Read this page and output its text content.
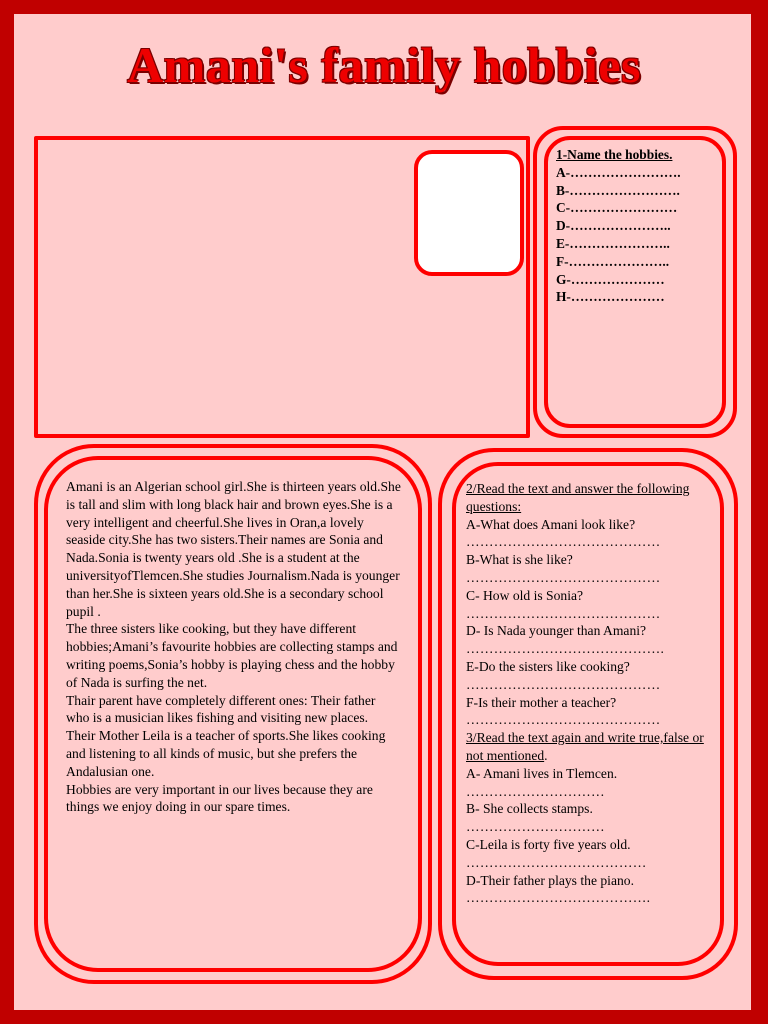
Amani's family hobbies
1-Name the hobbies.
A-…………………….
B-…………………….
C-……………………
D-…………………..
E-…………………..
F-…………………..
G-…………………
H-…………………

Amani is an Algerian school girl.She is thirteen years old.She is tall and slim with long black hair and brown eyes.She is a very intelligent and cheerful.She lives in Oran,a lovely seaside city.She has two sisters.Their names are Sonia and Nada.Sonia is twenty years old .She is a student at the universityofTlemcen.She studies Journalism.Nada is younger than her.She is sixteen years old.She is a secondary school pupil .

The three sisters like cooking, but they have different hobbies;Amani’s favourite hobbies are collecting stamps and writing poems,Sonia’s hobby is playing chess and the hobby of Nada is surfing the net.

Thair parent have completely different ones: Their father who is a musician likes fishing and visiting new places.

Their Mother Leila is a teacher of sports.She likes cooking and listening to all kinds of music, but she prefers the Andalusian one.

Hobbies are very important in our lives because they are things we enjoy doing in our spare times.

2/Read the text and answer the following questions:
A-What does Amani look like?
……………………………………
B-What is she like?
……………………………………
C- How old is Sonia?
……………………………………
D- Is Nada younger than Amani?
…………………………………….
E-Do the sisters like cooking?
……………………………………
F-Is their mother a teacher?
……………………………………
3/Read the text again and write true,false or not mentioned.
A- Amani lives in Tlemcen.
…………………………
B- She collects stamps.
…………………………
C-Leila is forty five years old.
…………………………………
D-Their father plays the piano.
………………………………….
